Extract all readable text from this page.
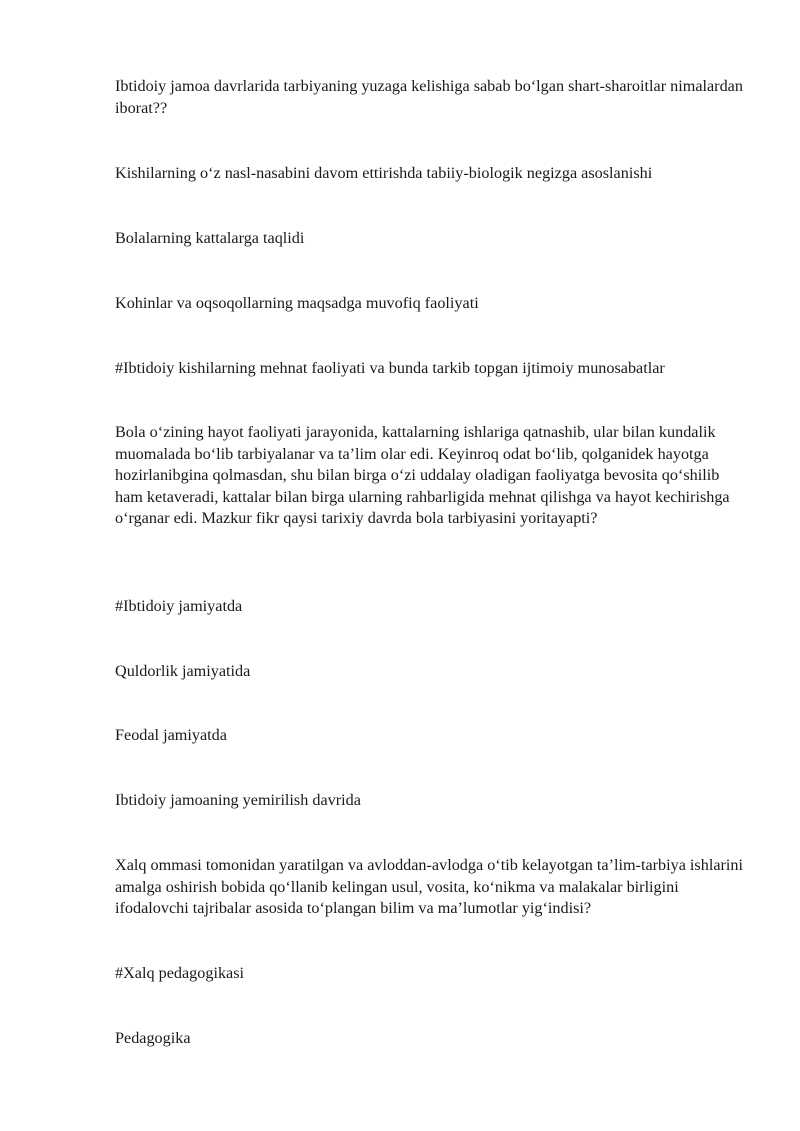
Ibtidoiy jamoa davrlarida tarbiyaning yuzaga kelishiga sabab bo‘lgan shart-sharoitlar nimalardan iborat??

Kishilarning o‘z nasl-nasabini davom ettirishda tabiiy-biologik negizga asoslanishi

Bolalarning kattalarga taqlidi

Kohinlar va oqsoqollarning maqsadga muvofiq faoliyati

#Ibtidoiy kishilarning mehnat faoliyati va bunda tarkib topgan ijtimoiy munosabatlar

Bola o‘zining hayot faoliyati jarayonida, kattalarning ishlariga qatnashib, ular bilan kundalik muomalada bo‘lib tarbiyalanar va ta’lim olar edi. Keyinroq odat bo‘lib, qolganidek hayotga hozirlanibgina qolmasdan, shu bilan birga o‘zi uddalay oladigan faoliyatga bevosita qo‘shilib ham ketaveradi, kattalar bilan birga ularning rahbarligida mehnat qilishga va hayot kechirishga o‘rganar edi. Mazkur fikr qaysi tarixiy davrda bola tarbiyasini yoritayapti?

#Ibtidoiy jamiyatda

Quldorlik jamiyatida

Feodal jamiyatda

Ibtidoiy jamoaning yemirilish davrida

Xalq ommasi tomonidan yaratilgan va avloddan-avlodga o‘tib kelayotgan ta’lim-tarbiya ishlarini amalga oshirish bobida qo‘llanib kelingan usul, vosita, ko‘nikma va malakalar birligini ifodalovchi tajribalar asosida to‘plangan bilim va ma’lumotlar yig‘indisi?

#Xalq pedagogikasi

Pedagogika
